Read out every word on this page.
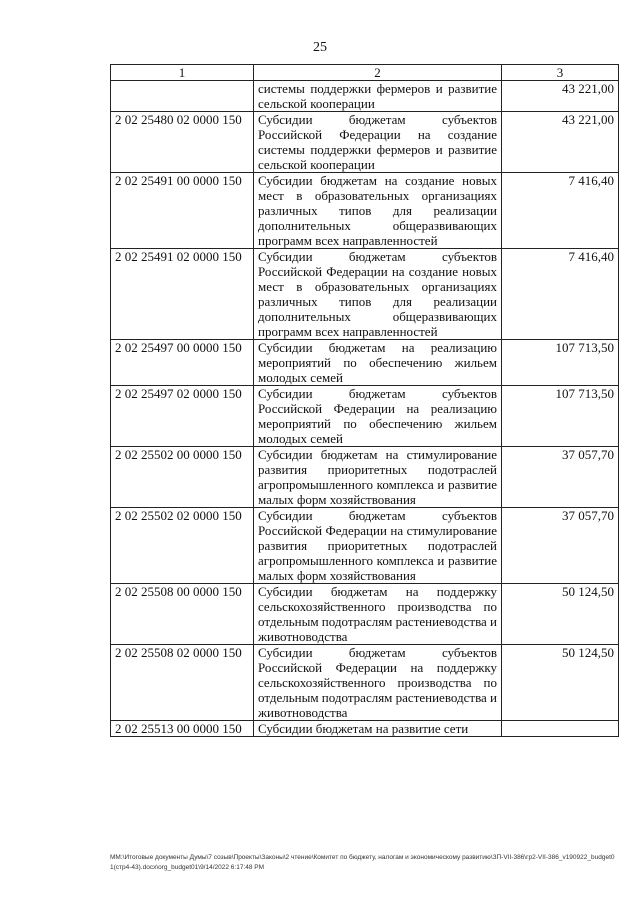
25
1	2	3
	системы поддержки фермеров и развитие сельской кооперации	43 221,00
2 02 25480 02 0000 150	Субсидии бюджетам субъектов Российской Федерации на создание системы поддержки фермеров и развитие сельской кооперации	43 221,00
2 02 25491 00 0000 150	Субсидии бюджетам на создание новых мест в образовательных организациях различных типов для реализации дополнительных общеразвивающих программ всех направленностей	7 416,40
2 02 25491 02 0000 150	Субсидии бюджетам субъектов Российской Федерации на создание новых мест в образовательных организациях различных типов для реализации дополнительных общеразвивающих программ всех направленностей	7 416,40
2 02 25497 00 0000 150	Субсидии бюджетам на реализацию мероприятий по обеспечению жильем молодых семей	107 713,50
2 02 25497 02 0000 150	Субсидии бюджетам субъектов Российской Федерации на реализацию мероприятий по обеспечению жильем молодых семей	107 713,50
2 02 25502 00 0000 150	Субсидии бюджетам на стимулирование развития приоритетных подотраслей агропромышленного комплекса и развитие малых форм хозяйствования	37 057,70
2 02 25502 02 0000 150	Субсидии бюджетам субъектов Российской Федерации на стимулирование развития приоритетных подотраслей агропромышленного комплекса и развитие малых форм хозяйствования	37 057,70
2 02 25508 00 0000 150	Субсидии бюджетам на поддержку сельскохозяйственного производства по отдельным подотраслям растениеводства и животноводства	50 124,50
2 02 25508 02 0000 150	Субсидии бюджетам субъектов Российской Федерации на поддержку сельскохозяйственного производства по отдельным подотраслям растениеводства и животноводства	50 124,50
2 02 25513 00 0000 150	Субсидии бюджетам на развитие сети	
ММ:\Итоговые документы Думы\7 созыв\Проекты\Законы\2 чтение\Комитет по бюджету, налогам и экономическому развитию\ЗП-VII-386\гр2-VII-386_v190922_budget01(стр4-43).docx\org_budget01\9/14/2022 6:17:48 PM
